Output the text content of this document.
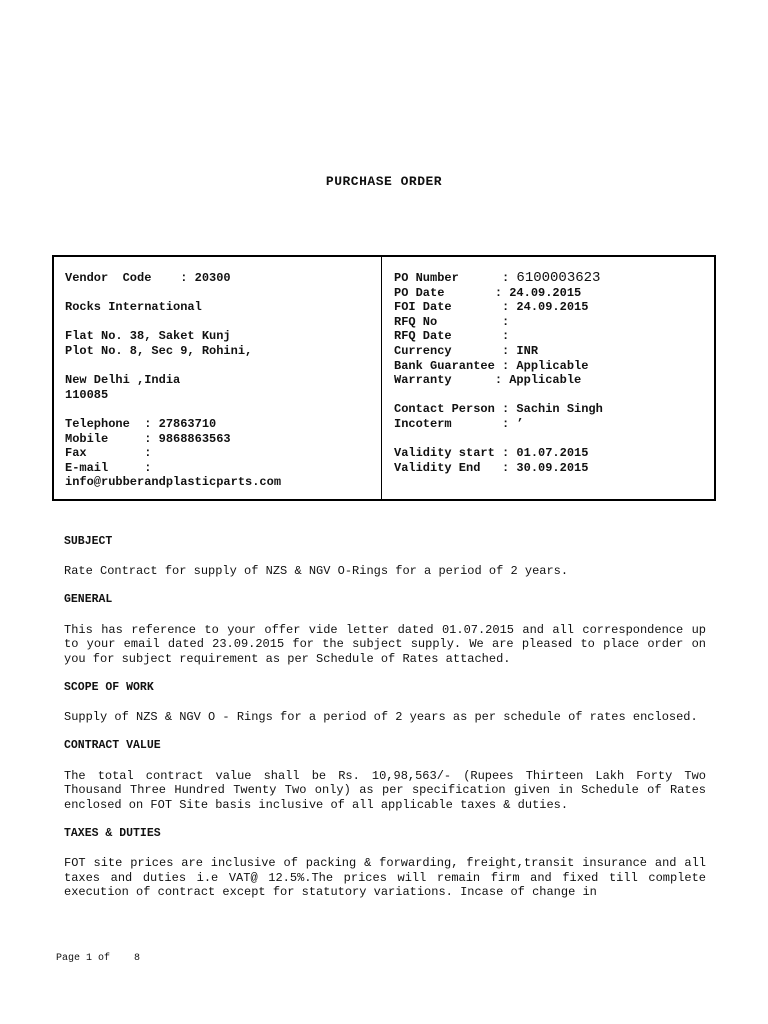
PURCHASE ORDER
Vendor  Code    : 20300
Rocks International
Flat No. 38, Saket Kunj
Plot No. 8, Sec 9, Rohini,
New Delhi ,India
110085
Telephone  : 27863710
Mobile     : 9868863563
Fax        :
E-mail     :
info@rubberandplasticparts.com
PO Number      : 6100003623
PO Date       : 24.09.2015
FOI Date       : 24.09.2015
RFQ No         :
RFQ Date       :
Currency       : INR
Bank Guarantee : Applicable
Warranty      : Applicable
Contact Person : Sachin Singh
Incoterm       : ’
Validity start : 01.07.2015
Validity End   : 30.09.2015
SUBJECT
Rate Contract for supply of NZS & NGV O-Rings for a period of 2 years.
GENERAL
This has reference to your offer vide letter dated 01.07.2015 and all correspondence up to your email dated 23.09.2015 for the subject supply. We are pleased to place order on you for subject requirement as per Schedule of Rates attached.
SCOPE OF WORK
Supply of NZS & NGV O - Rings for a period of 2 years as per schedule of rates enclosed.
CONTRACT VALUE
The total contract value shall be Rs. 10,98,563/- (Rupees Thirteen Lakh Forty Two Thousand Three Hundred Twenty Two only) as per specification given in Schedule of Rates enclosed on FOT Site basis inclusive of all applicable taxes & duties.
TAXES & DUTIES
FOT site prices are inclusive of packing & forwarding, freight,transit insurance and all taxes and duties i.e VAT@ 12.5%.The prices will remain firm and fixed till complete execution of contract except for statutory variations. Incase of change in
Page 1 of    8
